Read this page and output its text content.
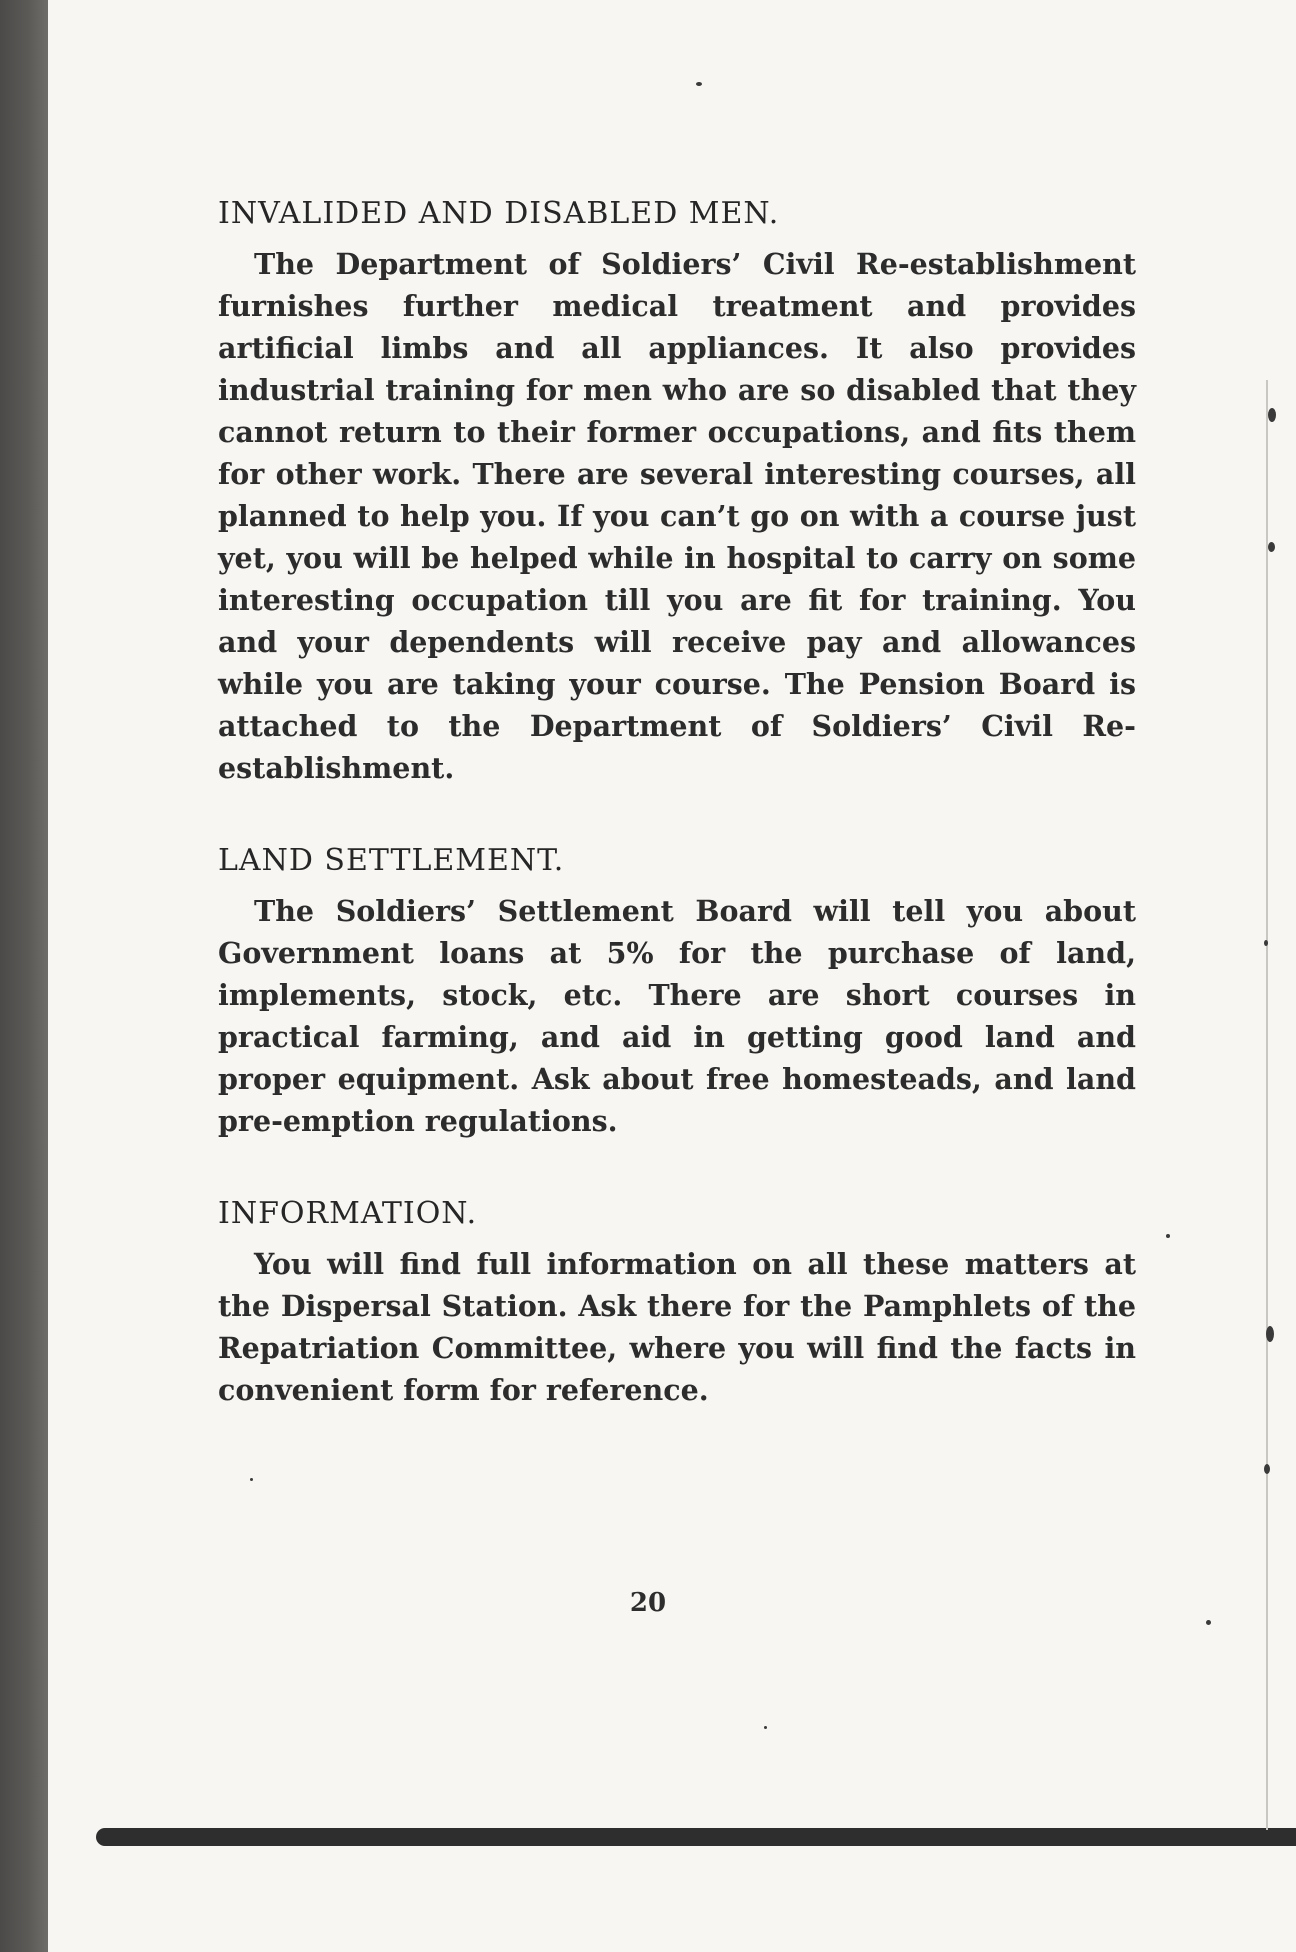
INVALIDED AND DISABLED MEN.

The Department of Soldiers’ Civil Re-establishment furnishes further medical treatment and provides artificial limbs and all appliances. It also provides industrial training for men who are so disabled that they cannot return to their former occupations, and fits them for other work. There are several interesting courses, all planned to help you. If you can’t go on with a course just yet, you will be helped while in hospital to carry on some interesting occupation till you are fit for training. You and your dependents will receive pay and allowances while you are taking your course. The Pension Board is attached to the Department of Soldiers’ Civil Re-establishment.

LAND SETTLEMENT.

The Soldiers’ Settlement Board will tell you about Government loans at 5% for the purchase of land, implements, stock, etc. There are short courses in practical farming, and aid in getting good land and proper equipment. Ask about free homesteads, and land pre-emption regulations.

INFORMATION.

You will find full information on all these matters at the Dispersal Station. Ask there for the Pamphlets of the Repatriation Committee, where you will find the facts in convenient form for reference.

20
